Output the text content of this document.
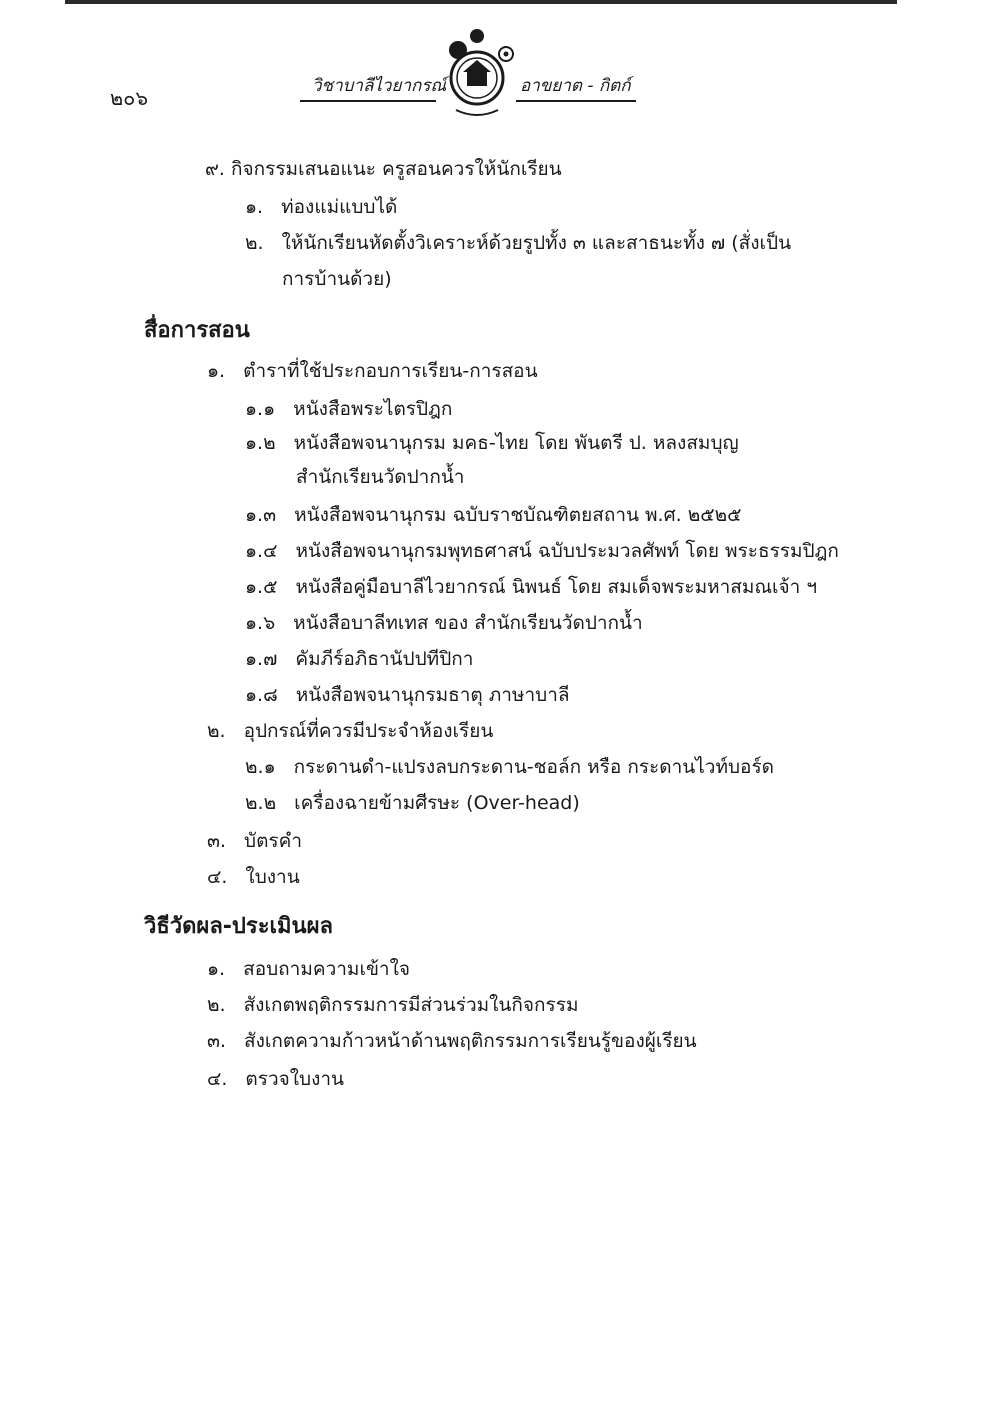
๒๐๖	วิชาบาลีไวยากรณ์	อาขยาต - กิตก์
๙. กิจกรรมเสนอแนะ ครูสอนควรให้นักเรียน
๑. ท่องแม่แบบได้
๒. ให้นักเรียนหัดตั้งวิเคราะห์ด้วยรูปทั้ง ๓ และสาธนะทั้ง ๗ (สั่งเป็น
การบ้านด้วย)
สื่อการสอน
๑. ตำราที่ใช้ประกอบการเรียน-การสอน
๑.๑ หนังสือพระไตรปิฎก
๑.๒ หนังสือพจนานุกรม มคธ-ไทย โดย พันตรี ป. หลงสมบุญ
สำนักเรียนวัดปากน้ำ
๑.๓ หนังสือพจนานุกรม ฉบับราชบัณฑิตยสถาน พ.ศ. ๒๕๒๕
๑.๔ หนังสือพจนานุกรมพุทธศาสน์ ฉบับประมวลศัพท์ โดย พระธรรมปิฎก
๑.๕ หนังสือคู่มือบาลีไวยากรณ์ นิพนธ์ โดย สมเด็จพระมหาสมณเจ้า ฯ
๑.๖ หนังสือบาลีทเทส ของ สำนักเรียนวัดปากน้ำ
๑.๗ คัมภีร์อภิธานัปปทีปิกา
๑.๘ หนังสือพจนานุกรมธาตุ ภาษาบาลี
๒. อุปกรณ์ที่ควรมีประจำห้องเรียน
๒.๑ กระดานดำ-แปรงลบกระดาน-ชอล์ก หรือ กระดานไวท์บอร์ด
๒.๒ เครื่องฉายข้ามศีรษะ (Over-head)
๓. บัตรคำ
๔. ใบงาน
วิธีวัดผล-ประเมินผล
๑. สอบถามความเข้าใจ
๒. สังเกตพฤติกรรมการมีส่วนร่วมในกิจกรรม
๓. สังเกตความก้าวหน้าด้านพฤติกรรมการเรียนรู้ของผู้เรียน
๔. ตรวจใบงาน
